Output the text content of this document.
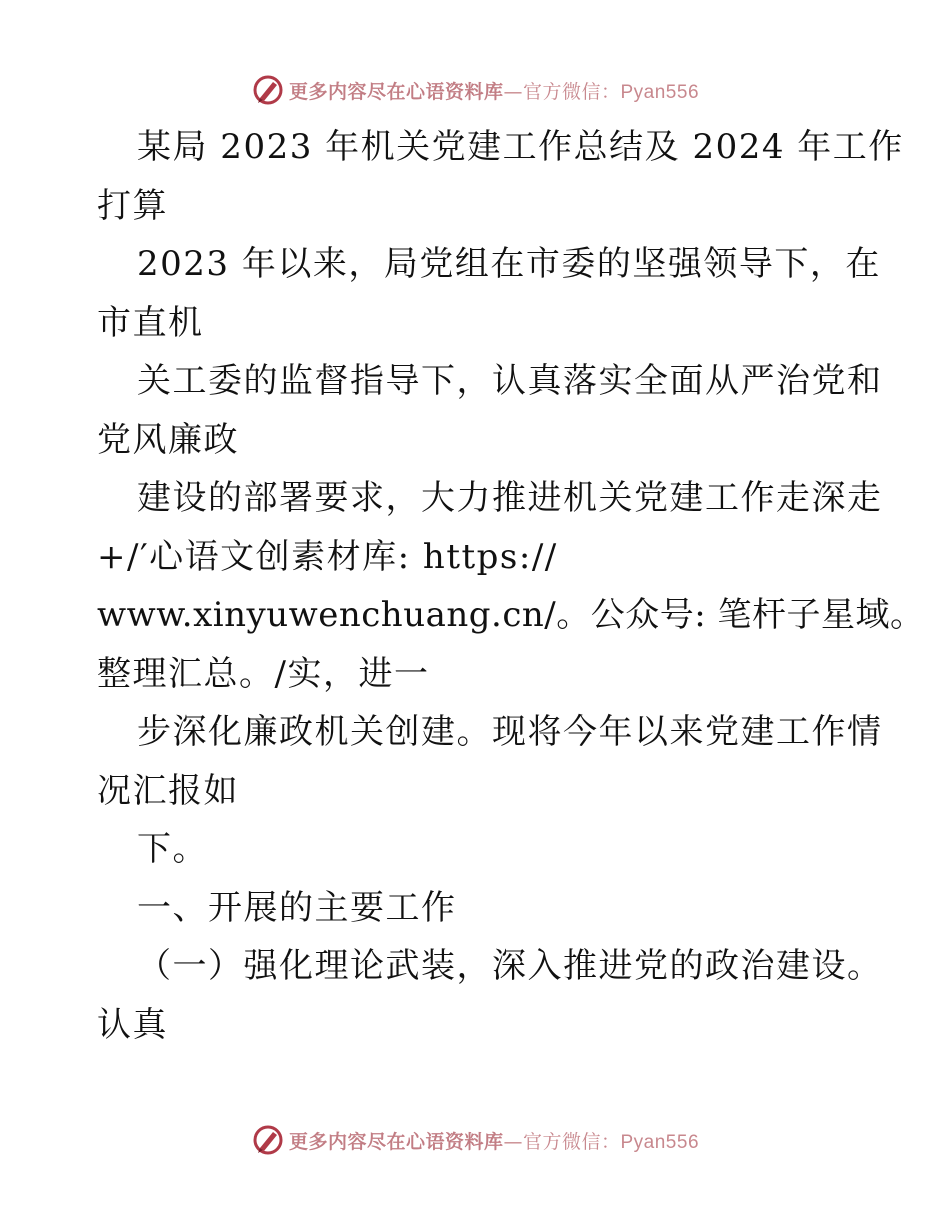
更多内容尽在心语资料库—官方微信：Pyan556
某局 2023 年机关党建工作总结及 2024 年工作
打算
2023 年以来，局党组在市委的坚强领导下，在
市直机
关工委的监督指导下，认真落实全面从严治党和
党风廉政
建设的部署要求，大力推进机关党建工作走深走
+/′心语文创素材库: https://
www.xinyuwenchuang.cn/。公众号: 笔杆子星域。
整理汇总。/实，进一
步深化廉政机关创建。现将今年以来党建工作情
况汇报如
下。
一、开展的主要工作
（一）强化理论武装，深入推进党的政治建设。
认真
更多内容尽在心语资料库—官方微信：Pyan556
